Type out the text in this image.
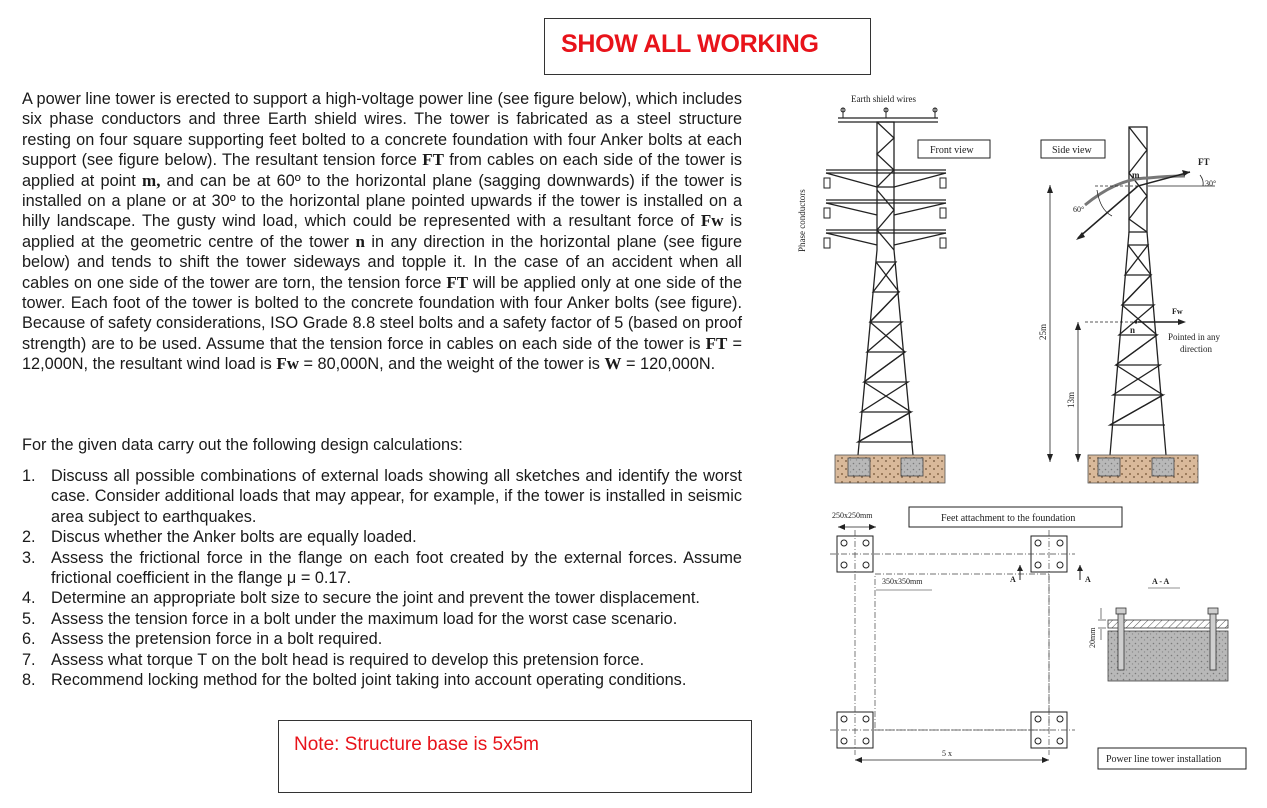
SHOW ALL WORKING
A power line tower is erected to support a high-voltage power line (see figure below), which includes six phase conductors and three Earth shield wires. The tower is fabricated as a steel structure resting on four square supporting feet bolted to a concrete foundation with four Anker bolts at each support (see figure below). The resultant tension force FT from cables on each side of the tower is applied at point m, and can be at 60º to the horizontal plane (sagging downwards) if the tower is installed on a plane or at 30º to the horizontal plane pointed upwards if the tower is installed on a hilly landscape. The gusty wind load, which could be represented with a resultant force of Fw is applied at the geometric centre of the tower n in any direction in the horizontal plane (see figure below) and tends to shift the tower sideways and topple it. In the case of an accident when all cables on one side of the tower are torn, the tension force FT will be applied only at one side of the tower. Each foot of the tower is bolted to the concrete foundation with four Anker bolts (see figure). Because of safety considerations, ISO Grade 8.8 steel bolts and a safety factor of 5 (based on proof strength) are to be used. Assume that the tension force in cables on each side of the tower is FT = 12,000N, the resultant wind load is Fw = 80,000N, and the weight of the tower is W = 120,000N.
For the given data carry out the following design calculations:
1. Discuss all possible combinations of external loads showing all sketches and identify the worst case. Consider additional loads that may appear, for example, if the tower is installed in seismic area subject to earthquakes.
2. Discus whether the Anker bolts are equally loaded.
3. Assess the frictional force in the flange on each foot created by the external forces. Assume frictional coefficient in the flange μ = 0.17.
4. Determine an appropriate bolt size to secure the joint and prevent the tower displacement.
5. Assess the tension force in a bolt under the maximum load for the worst case scenario.
6. Assess the pretension force in a bolt required.
7. Assess what torque T on the bolt head is required to develop this pretension force.
8. Recommend locking method for the bolted joint taking into account operating conditions.
Note: Structure base is 5x5m
Earth shield wires
Phase conductors
Front view	Side view
FT
30°
60°
m
n
Fw
Pointed in any
direction
25m
13m
250x250mm	Feet attachment to the foundation
350x350mm	A	A
5 x
A - A
20mm
Power line tower installation
